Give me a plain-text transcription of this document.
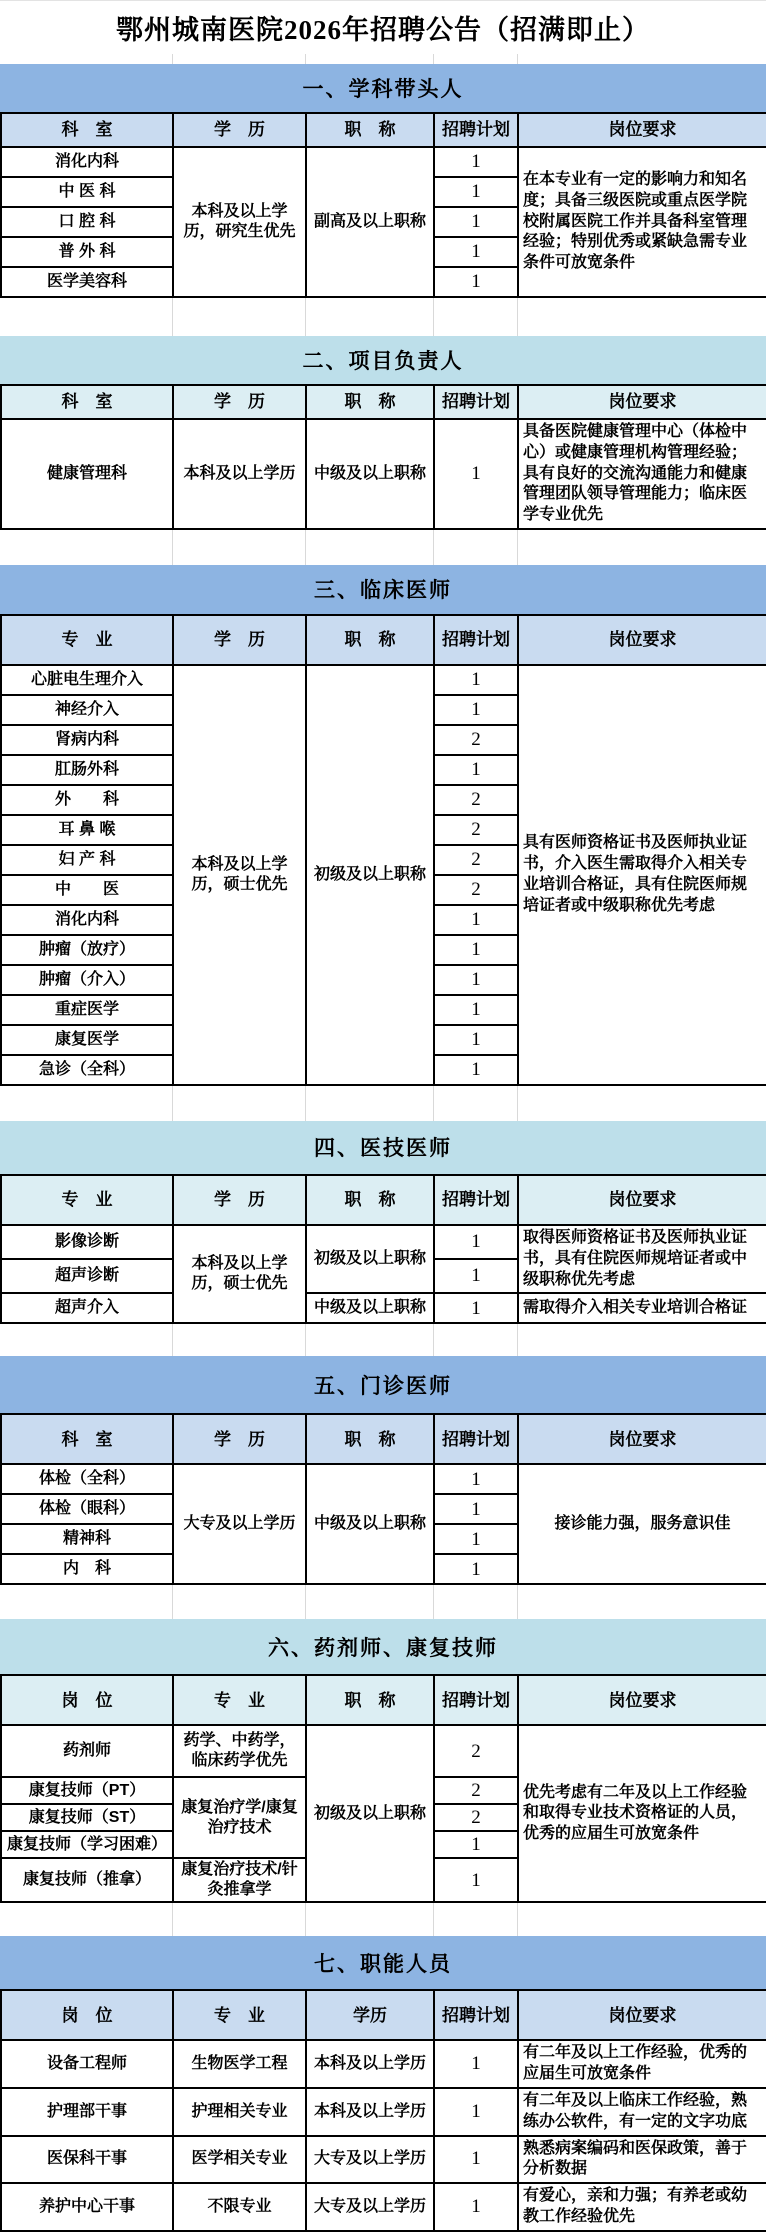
鄂州城南医院2026年招聘公告（招满即止）
一、学科带头人
科　室	学　历	职　称	招聘计划	岗位要求
消化内科	本科及以上学历，研究生优先	副高及以上职称	1	在本专业有一定的影响力和知名度；具备三级医院或重点医学院校附属医院工作并具备科室管理经验；特别优秀或紧缺急需专业条件可放宽条件
中 医 科			1	
口 腔 科			1	
普 外 科			1	
医学美容科			1	
二、项目负责人
科　室	学　历	职　称	招聘计划	岗位要求
健康管理科	本科及以上学历	中级及以上职称	1	具备医院健康管理中心（体检中心）或健康管理机构管理经验；具有良好的交流沟通能力和健康管理团队领导管理能力；临床医学专业优先
三、临床医师
专　业	学　历	职　称	招聘计划	岗位要求
心脏电生理介入	本科及以上学历，硕士优先	初级及以上职称	1	具有医师资格证书及医师执业证书，介入医生需取得介入相关专业培训合格证，具有住院医师规培证者或中级职称优先考虑
神经介入			1	
肾病内科			2	
肛肠外科			1	
外　　科			2	
耳 鼻 喉			2	
妇 产 科			2	
中　　医			2	
消化内科			1	
肿瘤（放疗）			1	
肿瘤（介入）			1	
重症医学			1	
康复医学			1	
急诊（全科）			1	
四、医技医师
专　业	学　历	职　称	招聘计划	岗位要求
影像诊断	本科及以上学历，硕士优先	初级及以上职称	1	取得医师资格证书及医师执业证书，具有住院医师规培证者或中级职称优先考虑
超声诊断			1	
超声介入		中级及以上职称	1	需取得介入相关专业培训合格证
五、门诊医师
科　室	学　历	职　称	招聘计划	岗位要求
体检（全科）	大专及以上学历	中级及以上职称	1	接诊能力强，服务意识佳
体检（眼科）			1	
精神科			1	
内　科			1	
六、药剂师、康复技师
岗　位	专　业	职　称	招聘计划	岗位要求
药剂师	药学、中药学，临床药学优先	初级及以上职称	2	优先考虑有二年及以上工作经验和取得专业技术资格证的人员，优秀的应届生可放宽条件
康复技师（PT）	康复治疗学/康复治疗技术		2	
康复技师（ST）			2	
康复技师（学习困难）			1	
康复技师（推拿）	康复治疗技术/针灸推拿学		1	
七、职能人员
岗　位	专　业	学历	招聘计划	岗位要求
设备工程师	生物医学工程	本科及以上学历	1	有二年及以上工作经验，优秀的应届生可放宽条件
护理部干事	护理相关专业	本科及以上学历	1	有二年及以上临床工作经验，熟练办公软件，有一定的文字功底
医保科干事	医学相关专业	大专及以上学历	1	熟悉病案编码和医保政策，善于分析数据
养护中心干事	不限专业	大专及以上学历	1	有爱心，亲和力强；有养老或幼教工作经验优先
